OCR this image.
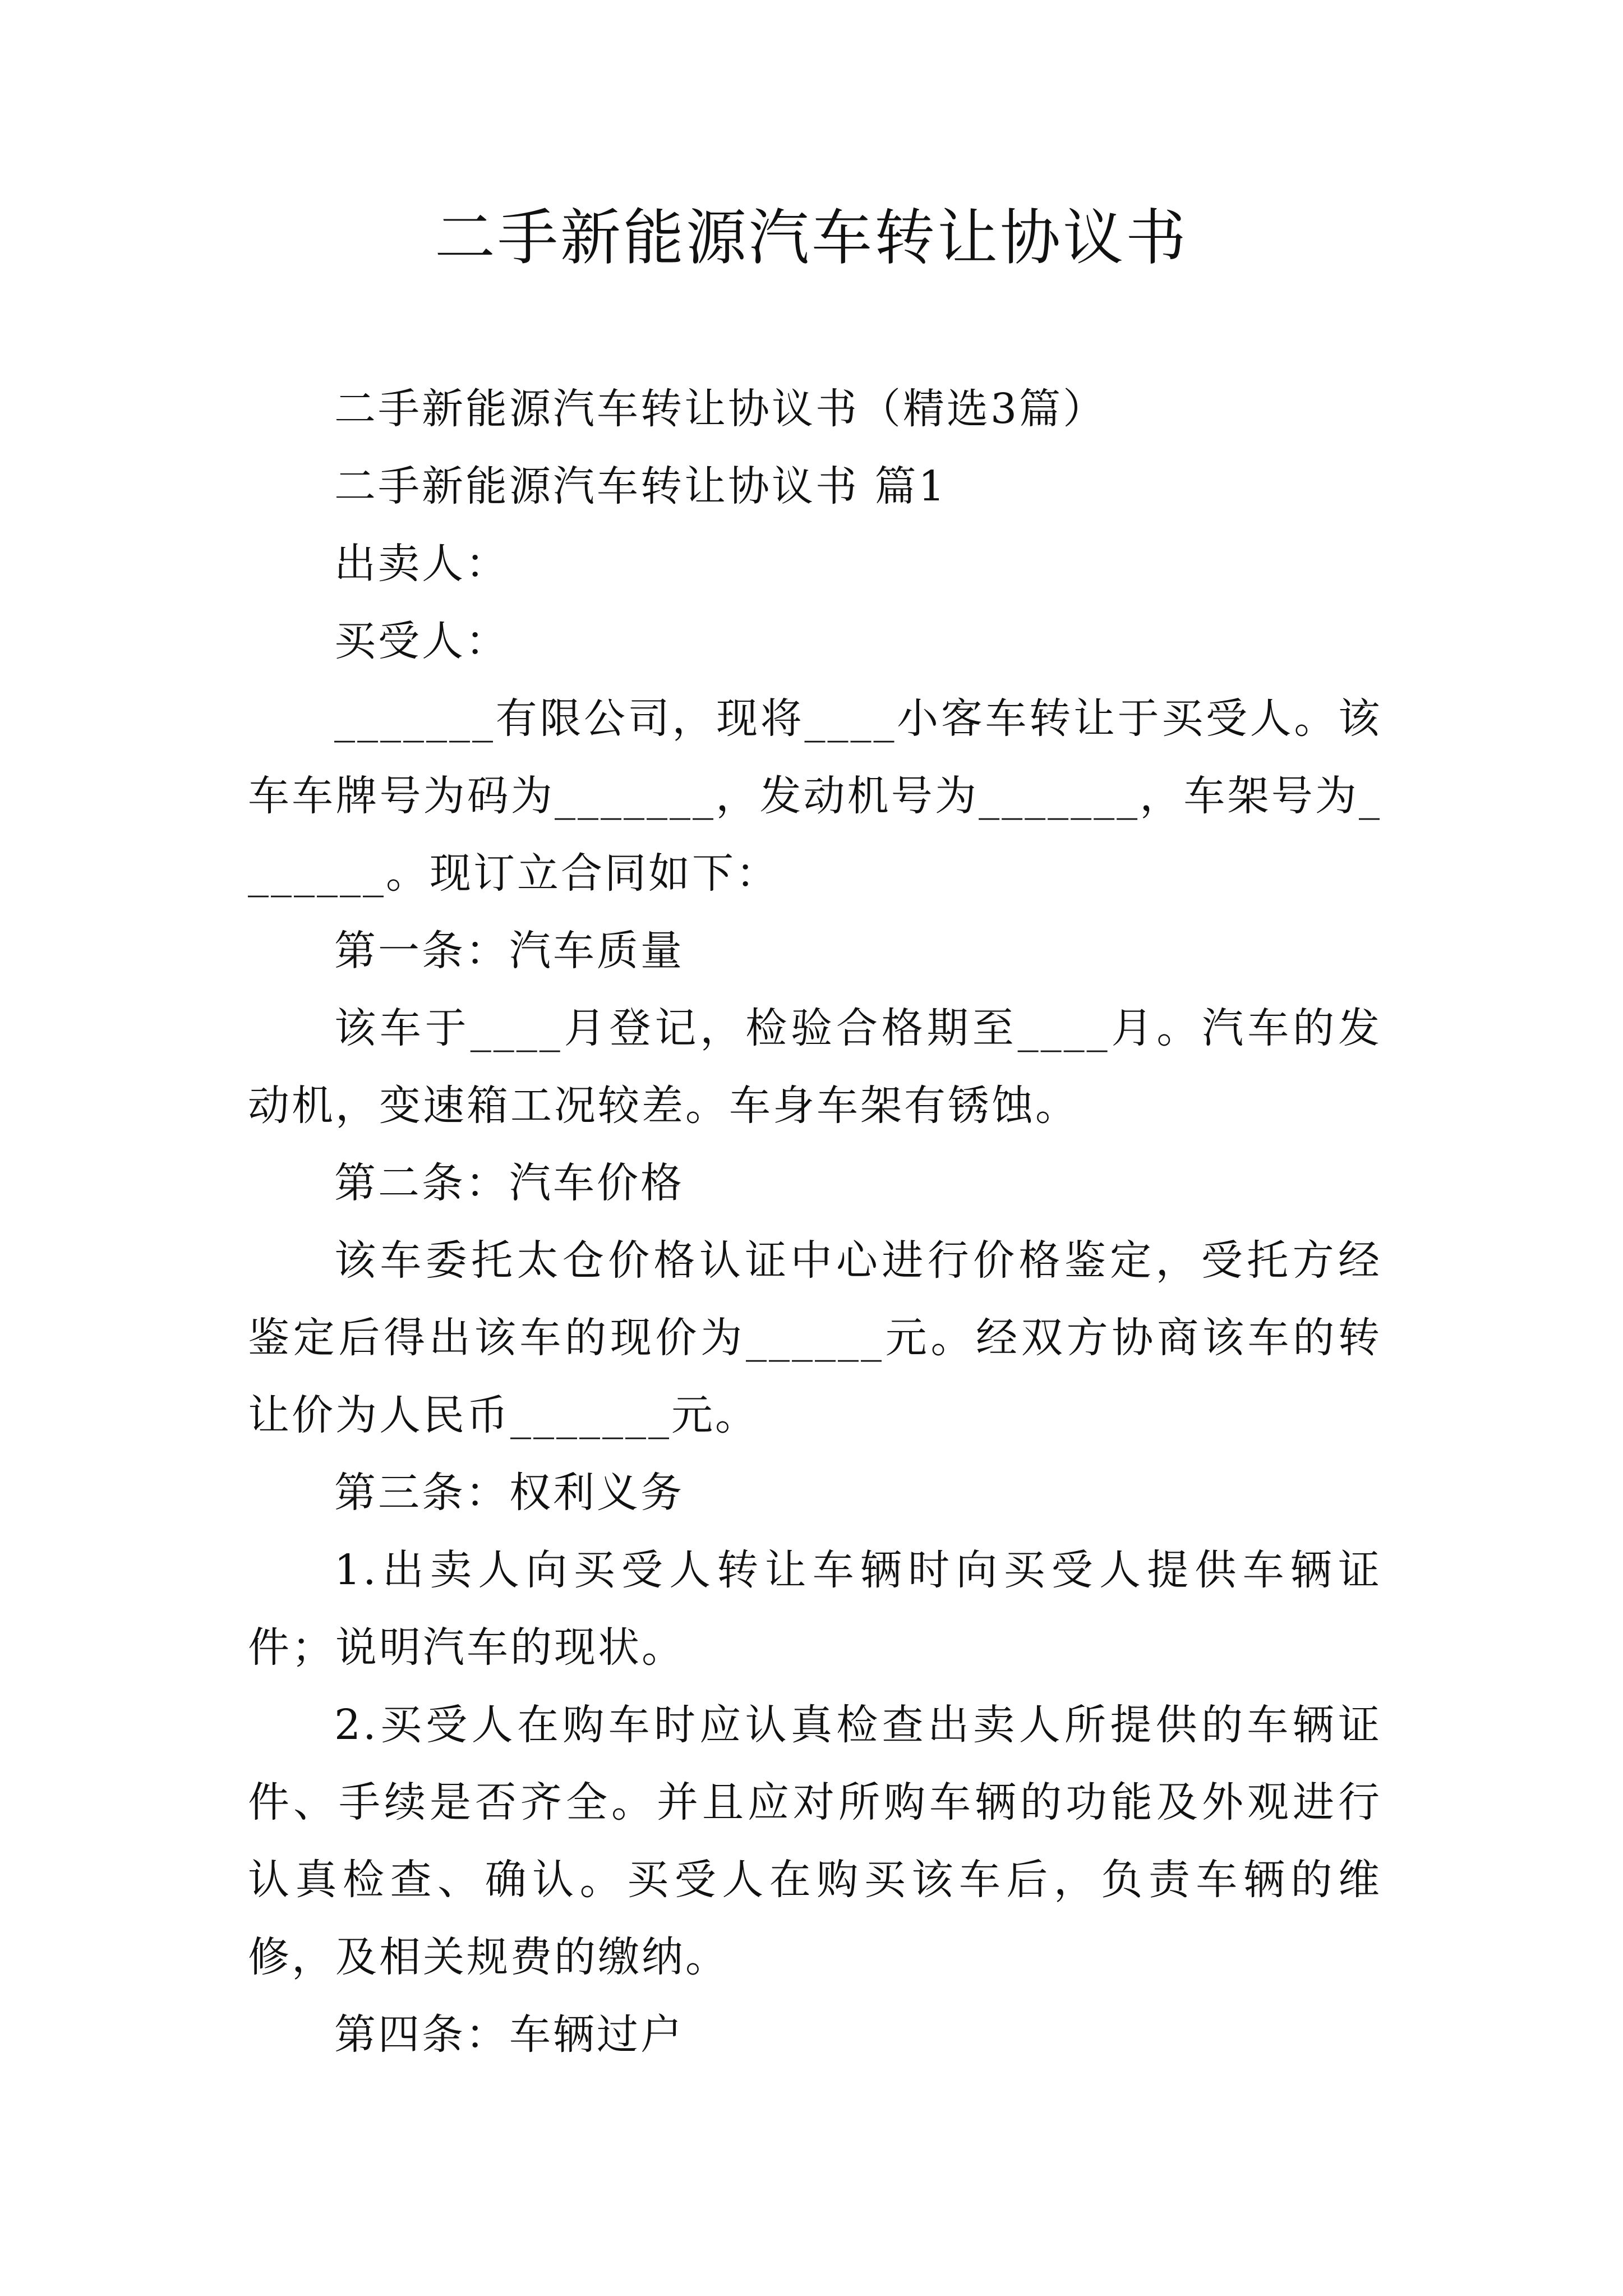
二手新能源汽车转让协议书

二手新能源汽车转让协议书（精选3篇）

二手新能源汽车转让协议书 篇1

出卖人：

买受人：

_______有限公司，现将____小客车转让于买受人。该车车牌号为码为_______，发动机号为_______，车架号为_______。现订立合同如下：

第一条：汽车质量

该车于____月登记，检验合格期至____月。汽车的发动机，变速箱工况较差。车身车架有锈蚀。

第二条：汽车价格

该车委托太仓价格认证中心进行价格鉴定，受托方经鉴定后得出该车的现价为______元。经双方协商该车的转让价为人民币_______元。

第三条：权利义务

1.出卖人向买受人转让车辆时向买受人提供车辆证件；说明汽车的现状。

2.买受人在购车时应认真检查出卖人所提供的车辆证件、手续是否齐全。并且应对所购车辆的功能及外观进行认真检查、确认。买受人在购买该车后，负责车辆的维修，及相关规费的缴纳。

第四条：车辆过户
